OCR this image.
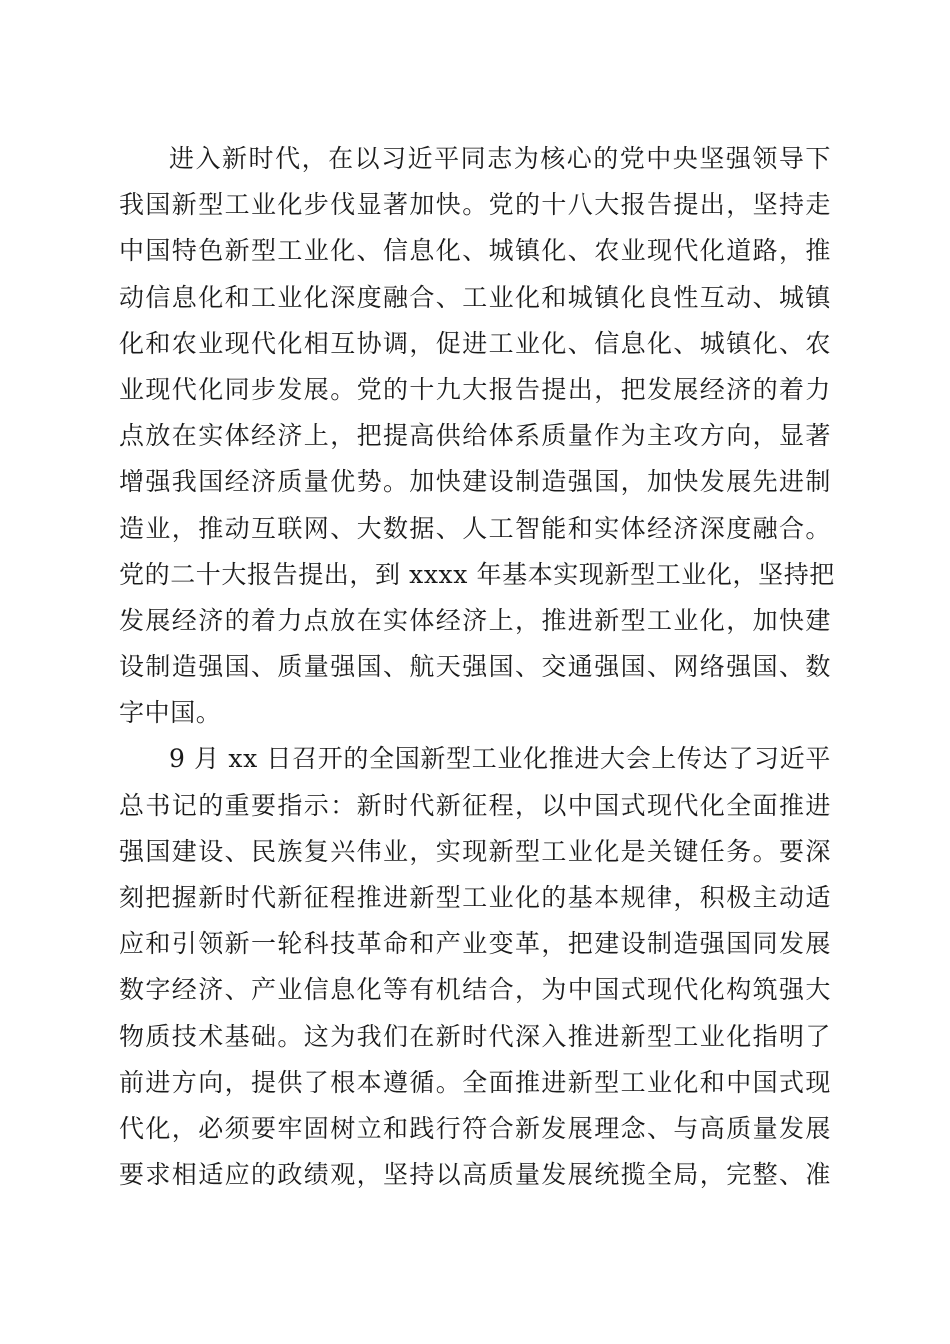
进入新时代，在以习近平同志为核心的党中央坚强领导下
我国新型工业化步伐显著加快。党的十八大报告提出，坚持走
中国特色新型工业化、信息化、城镇化、农业现代化道路，推
动信息化和工业化深度融合、工业化和城镇化良性互动、城镇
化和农业现代化相互协调，促进工业化、信息化、城镇化、农
业现代化同步发展。党的十九大报告提出，把发展经济的着力
点放在实体经济上，把提高供给体系质量作为主攻方向，显著
增强我国经济质量优势。加快建设制造强国，加快发展先进制
造业，推动互联网、大数据、人工智能和实体经济深度融合。
党的二十大报告提出，到 xxxx 年基本实现新型工业化，坚持把
发展经济的着力点放在实体经济上，推进新型工业化，加快建
设制造强国、质量强国、航天强国、交通强国、网络强国、数
字中国。
9 月 xx 日召开的全国新型工业化推进大会上传达了习近平
总书记的重要指示：新时代新征程，以中国式现代化全面推进
强国建设、民族复兴伟业，实现新型工业化是关键任务。要深
刻把握新时代新征程推进新型工业化的基本规律，积极主动适
应和引领新一轮科技革命和产业变革，把建设制造强国同发展
数字经济、产业信息化等有机结合，为中国式现代化构筑强大
物质技术基础。这为我们在新时代深入推进新型工业化指明了
前进方向，提供了根本遵循。全面推进新型工业化和中国式现
代化，必须要牢固树立和践行符合新发展理念、与高质量发展
要求相适应的政绩观，坚持以高质量发展统揽全局，完整、准
